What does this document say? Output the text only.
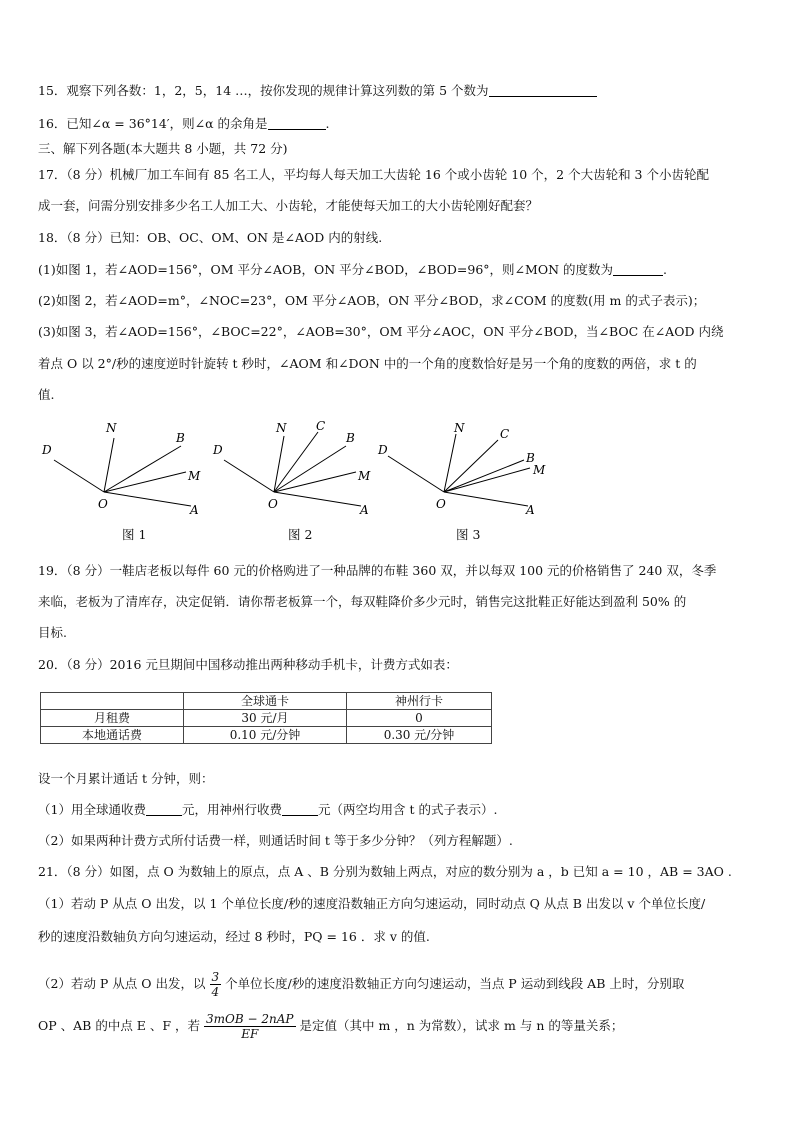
15．观察下列各数：1，2，5，14 …，按你发现的规律计算这列数的第 5 个数为
16．已知∠α = 36°14′，则∠α 的余角是	.
三、解下列各题(本大题共 8 小题，共 72 分)
17．（8 分）机械厂加工车间有 85 名工人，平均每人每天加工大齿轮 16 个或小齿轮 10 个，2 个大齿轮和 3 个小齿轮配
成一套，问需分别安排多少名工人加工大、小齿轮，才能使每天加工的大小齿轮刚好配套？
18．（8 分）已知：OB、OC、OM、ON 是∠AOD 内的射线.
(1)如图 1，若∠AOD=156°，OM 平分∠AOB，ON 平分∠BOD，∠BOD=96°，则∠MON 的度数为	.
(2)如图 2，若∠AOD=m°，∠NOC=23°，OM 平分∠AOB，ON 平分∠BOD，求∠COM 的度数(用 m 的式子表示)；
(3)如图 3，若∠AOD=156°，∠BOC=22°，∠AOB=30°，OM 平分∠AOC，ON 平分∠BOD，当∠BOC 在∠AOD 内绕
着点 O 以 2°/秒的速度逆时针旋转 t 秒时，∠AOM 和∠DON 中的一个角的度数恰好是另一个角的度数的两倍，求 t 的
值.
D
N
B
M
O	A
D
N C
B
M
O	A
D
N	C
B
M
O	A
图 1	图 2	图 3
19．（8 分）一鞋店老板以每件 60 元的价格购进了一种品牌的布鞋 360 双，并以每双 100 元的价格销售了 240 双，冬季
来临，老板为了清库存，决定促销．请你帮老板算一个，每双鞋降价多少元时，销售完这批鞋正好能达到盈利 50% 的
目标.
20．（8 分）2016 元旦期间中国移动推出两种移动手机卡，计费方式如表：
	全球通卡	神州行卡
月租费	30 元/月	0
本地通话费	0.10 元/分钟	0.30 元/分钟
设一个月累计通话 t 分钟，则：
（1）用全球通收费	元，用神州行收费	元（两空均用含 t 的式子表示）.
（2）如果两种计费方式所付话费一样，则通话时间 t 等于多少分钟？（列方程解题）.
21．（8 分）如图，点 O 为数轴上的原点，点 A 、B 分别为数轴上两点，对应的数分别为 a ，b 已知 a = 10 ，AB = 3AO .
（1）若动 P 从点 O 出发，以 1 个单位长度/秒的速度沿数轴正方向匀速运动，同时动点 Q 从点 B 出发以 v 个单位长度/
秒的速度沿数轴负方向匀速运动，经过 8 秒时，PQ = 16 ．求 v 的值.
（2）若动 P 从点 O 出发，以 $\frac{3}{4}$ 个单位长度/秒的速度沿数轴正方向匀速运动，当点 P 运动到线段 AB 上时，分别取
OP 、AB 的中点 E 、F ，若 $\frac{\text{3mOB − 2nAP}}{EF}$ 是定值（其中 m ，n 为常数），试求 m 与 n 的等量关系；
